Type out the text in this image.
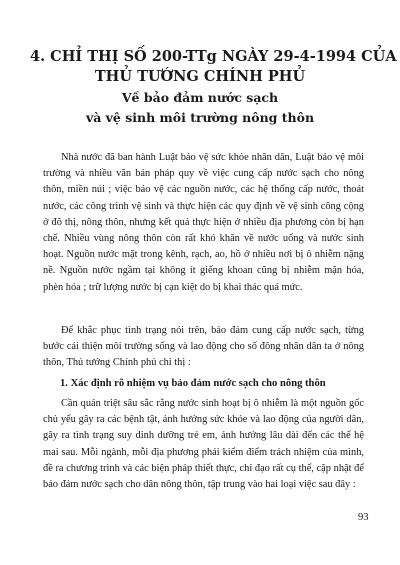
4. CHỈ THỊ SỐ 200-TTg NGÀY 29-4-1994 CỦA
THỦ TƯỚNG CHÍNH PHỦ
Về bảo đảm nước sạch
và vệ sinh môi trường nông thôn

Nhà nước đã ban hành Luật bảo vệ sức khỏe nhân dân, Luật bảo vệ môi trường và nhiều văn bản pháp quy về việc cung cấp nước sạch cho nông thôn, miền núi ; việc bảo vệ các nguồn nước, các hệ thống cấp nước, thoát nước, các công trình vệ sinh và thực hiện các quy định về vệ sinh công cộng ở đô thị, nông thôn, nhưng kết quả thực hiện ở nhiều địa phương còn bị hạn chế. Nhiều vùng nông thôn còn rất khó khăn về nước uống và nước sinh hoạt. Nguồn nước mặt trong kênh, rạch, ao, hồ ở nhiều nơi bị ô nhiễm nặng nề. Nguồn nước ngầm tại không ít giếng khoan cũng bị nhiễm mặn hóa, phèn hóa ; trữ lượng nước bị cạn kiệt do bị khai thác quá mức.

Để khắc phục tình trạng nói trên, bảo đảm cung cấp nước sạch, từng bước cải thiện môi trường sống và lao động cho số đông nhân dân ta ở nông thôn, Thủ tướng Chính phủ chỉ thị :

1. Xác định rõ nhiệm vụ bảo đảm nước sạch cho nông thôn

Cần quán triệt sâu sắc rằng nước sinh hoạt bị ô nhiễm là một nguồn gốc chủ yếu gây ra các bệnh tật, ảnh hưởng sức khỏe và lao động của người dân, gây ra tình trạng suy dinh dưỡng trẻ em, ảnh hưởng lâu dài đến các thế hệ mai sau. Mỗi ngành, mỗi địa phương phải kiểm điểm trách nhiệm của mình, đề ra chương trình và các biện pháp thiết thực, chỉ đạo rất cụ thể, cập nhật để bảo đảm nước sạch cho dân nông thôn, tập trung vào hai loại việc sau đây :

93
